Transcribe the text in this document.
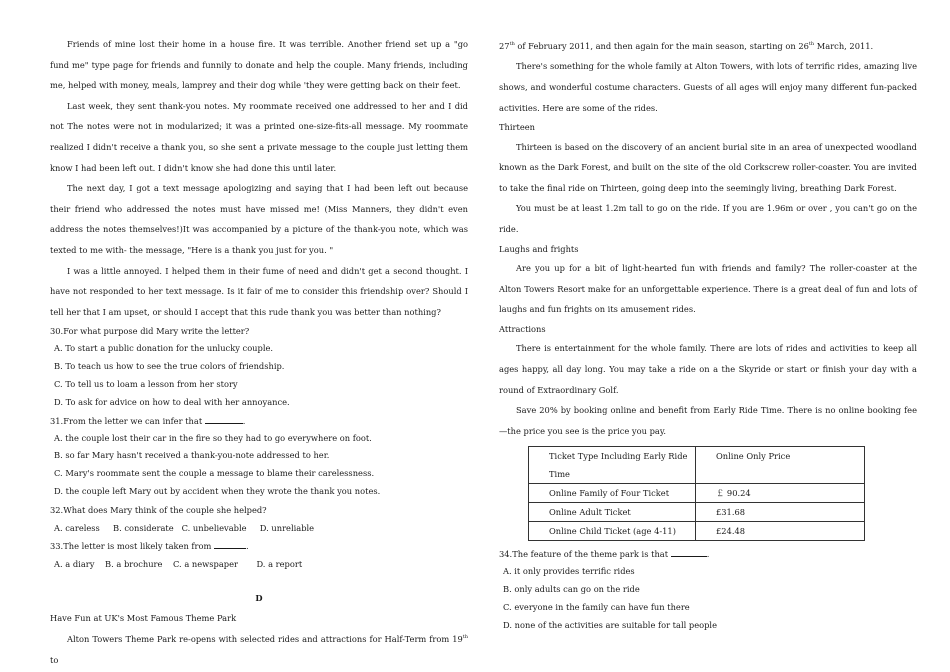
Friends of mine lost their home in a house fire. It was terrible. Another friend set up a "go fund me" type page for friends and funnily to donate and help the couple. Many friends, including me, helped with money, meals, lamprey and their dog while 'they were getting back on their feet.

Last week, they sent thank-you notes. My roommate received one addressed to her and I did not The notes were not in modularized; it was a printed one-size-fits-all message. My roommate realized I didn't receive a thank you, so she sent a private message to the couple just letting them know I had been left out. I didn't know she had done this until later.

The next day, I got a text message apologizing and saying that I had been left out because their friend who addressed the notes must have missed me! (Miss Manners, they didn't even address the notes themselves!)It was accompanied by a picture of the thank-you note, which was texted to me with- the message, "Here is a thank you just for you. "

I was a little annoyed. I helped them in their fume of need and didn't get a second thought. I have not responded to her text message. Is it fair of me to consider this friendship over? Should I tell her that I am upset, or should I accept that this rude thank you was better than nothing?

30.For what purpose did Mary write the letter?

A. To start a public donation for the unlucky couple.

B. To teach us how to see the true colors of friendship.

C. To tell us to loam a lesson from her story

D. To ask for advice on how to deal with her annoyance.

31.From the letter we can infer that	.

A. the couple lost their car in the fire so they had to go everywhere on foot.

B. so far Mary hasn't received a thank-you-note addressed to her.

C. Mary's roommate sent the couple a message to blame their carelessness.

D. the couple left Mary out by accident when they wrote the thank you notes.

32.What does Mary think of the couple she helped?

A. careless B. considerate C. unbelievable D. unreliable

33.The letter is most likely taken from	.

A. a diary B. a brochure C. a newspaper D. a report

D

Have Fun at UK's Most Famous Theme Park

Alton Towers Theme Park re-opens with selected rides and attractions for Half-Term from 19th to

27th of February 2011, and then again for the main season, starting on 26th March, 2011.

There's something for the whole family at Alton Towers, with lots of terrific rides, amazing live shows, and wonderful costume characters. Guests of all ages will enjoy many different fun-packed activities. Here are some of the rides.

Thirteen

Thirteen is based on the discovery of an ancient burial site in an area of unexpected woodland known as the Dark Forest, and built on the site of the old Corkscrew roller-coaster. You are invited to take the final ride on Thirteen, going deep into the seemingly living, breathing Dark Forest.

You must be at least 1.2m tall to go on the ride. If you are 1.96m or over , you can't go on the ride.

Laughs and frights

Are you up for a bit of light-hearted fun with friends and family? The roller-coaster at the Alton Towers Resort make for an unforgettable experience. There is a great deal of fun and lots of laughs and fun frights on its amusement rides.

Attractions

There is entertainment for the whole family. There are lots of rides and activities to keep all ages happy, all day long. You may take a ride on a the Skyride or start or finish your day with a round of Extraordinary Golf.

Save 20% by booking online and benefit from Early Ride Time. There is no online booking fee—the price you see is the price you pay.

Ticket Type Including Early Ride Time	Online Only Price
Online Family of Four Ticket	￡ 90.24
Online Adult Ticket	£31.68
Online Child Ticket (age 4-11)	£24.48

34.The feature of the theme park is that	.

A. it only provides terrific rides

B. only adults can go on the ride

C. everyone in the family can have fun there

D. none of the activities are suitable for tall people
